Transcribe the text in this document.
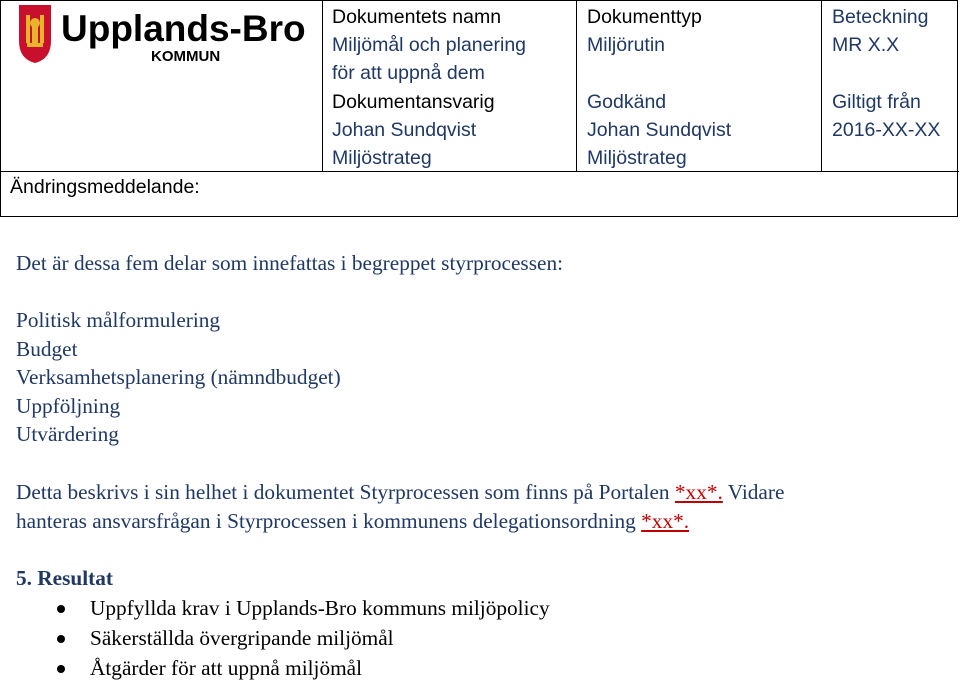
Upplands-Bro
KOMMUN
Dokumentets namn
Miljömål och planering
för att uppnå dem
Dokumentansvarig
Johan Sundqvist
Miljöstrateg
Dokumenttyp
Miljörutin
Godkänd
Johan Sundqvist
Miljöstrateg
Beteckning
MR X.X
Giltigt från
2016-XX-XX
Ändringsmeddelande:
Det är dessa fem delar som innefattas i begreppet styrprocessen:
Politisk målformulering
Budget
Verksamhetsplanering (nämndbudget)
Uppföljning
Utvärdering
Detta beskrivs i sin helhet i dokumentet Styrprocessen som finns på Portalen *xx*. Vidare
hanteras ansvarsfrågan i Styrprocessen i kommunens delegationsordning *xx*.
5. Resultat
Uppfyllda krav i Upplands-Bro kommuns miljöpolicy
Säkerställda övergripande miljömål
Åtgärder för att uppnå miljömål
